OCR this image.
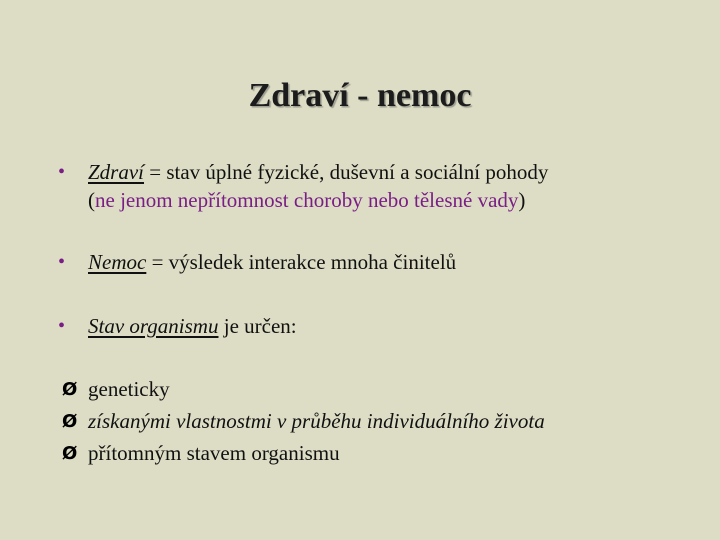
Zdraví - nemoc
• Zdraví = stav úplné fyzické, duševní a sociální pohody
(ne jenom nepřítomnost choroby nebo tělesné vady)
• Nemoc = výsledek interakce mnoha činitelů
• Stav organismu je určen:
Ø geneticky
Ø získanými vlastnostmi v průběhu individuálního života
Ø přítomným stavem organismu
